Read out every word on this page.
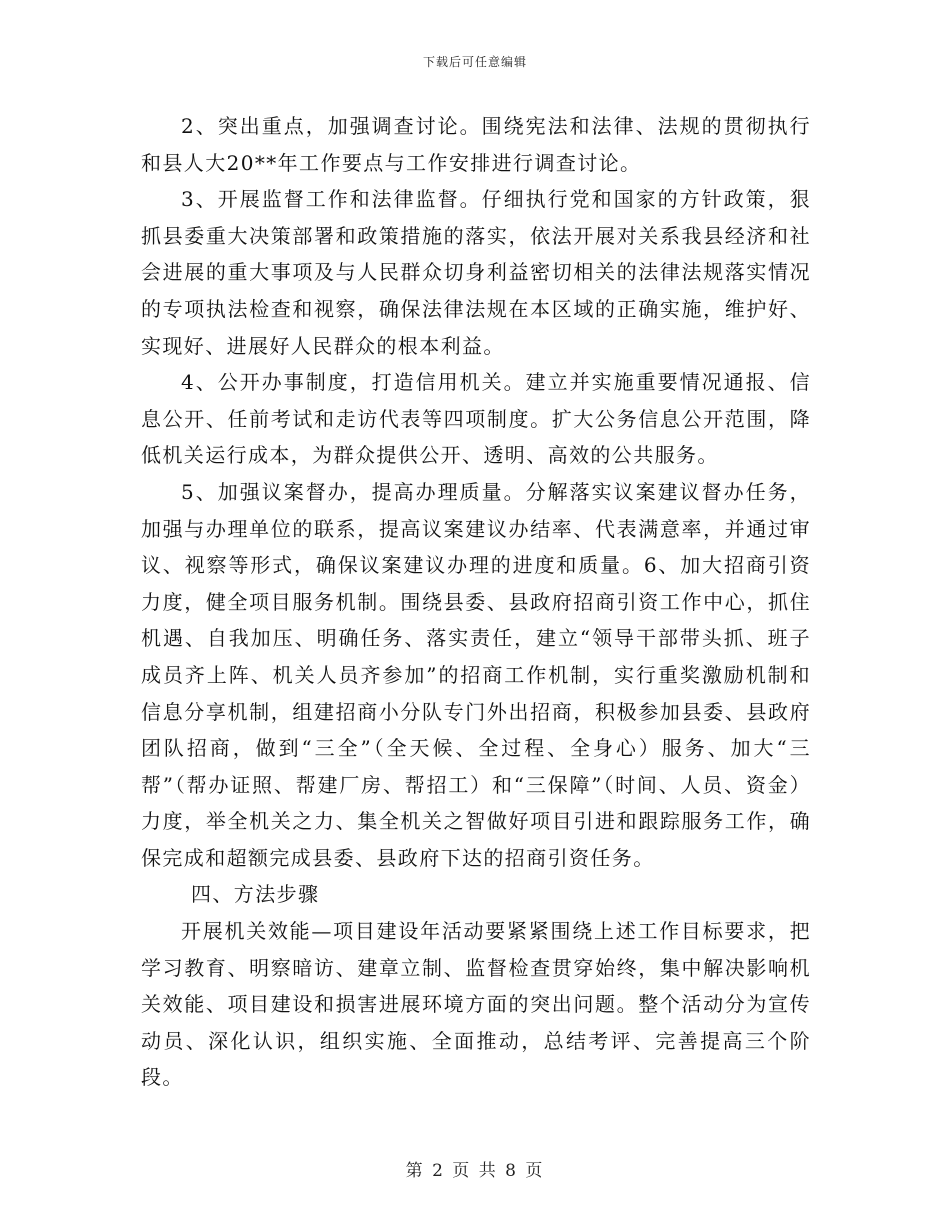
下载后可任意编辑

2、突出重点，加强调查讨论。围绕宪法和法律、法规的贯彻执行和县人大20**年工作要点与工作安排进行调查讨论。

3、开展监督工作和法律监督。仔细执行党和国家的方针政策，狠抓县委重大决策部署和政策措施的落实，依法开展对关系我县经济和社会进展的重大事项及与人民群众切身利益密切相关的法律法规落实情况的专项执法检查和视察，确保法律法规在本区域的正确实施，维护好、实现好、进展好人民群众的根本利益。

4、公开办事制度，打造信用机关。建立并实施重要情况通报、信息公开、任前考试和走访代表等四项制度。扩大公务信息公开范围，降低机关运行成本，为群众提供公开、透明、高效的公共服务。

5、加强议案督办，提高办理质量。分解落实议案建议督办任务，加强与办理单位的联系，提高议案建议办结率、代表满意率，并通过审议、视察等形式，确保议案建议办理的进度和质量。6、加大招商引资力度，健全项目服务机制。围绕县委、县政府招商引资工作中心，抓住机遇、自我加压、明确任务、落实责任，建立“领导干部带头抓、班子成员齐上阵、机关人员齐参加”的招商工作机制，实行重奖激励机制和信息分享机制，组建招商小分队专门外出招商，积极参加县委、县政府团队招商，做到“三全”（全天候、全过程、全身心）服务、加大“三帮”（帮办证照、帮建厂房、帮招工）和“三保障”（时间、人员、资金）力度，举全机关之力、集全机关之智做好项目引进和跟踪服务工作，确保完成和超额完成县委、县政府下达的招商引资任务。

四、方法步骤

开展机关效能—项目建设年活动要紧紧围绕上述工作目标要求，把学习教育、明察暗访、建章立制、监督检查贯穿始终，集中解决影响机关效能、项目建设和损害进展环境方面的突出问题。整个活动分为宣传动员、深化认识，组织实施、全面推动，总结考评、完善提高三个阶段。

第 2 页 共 8 页
